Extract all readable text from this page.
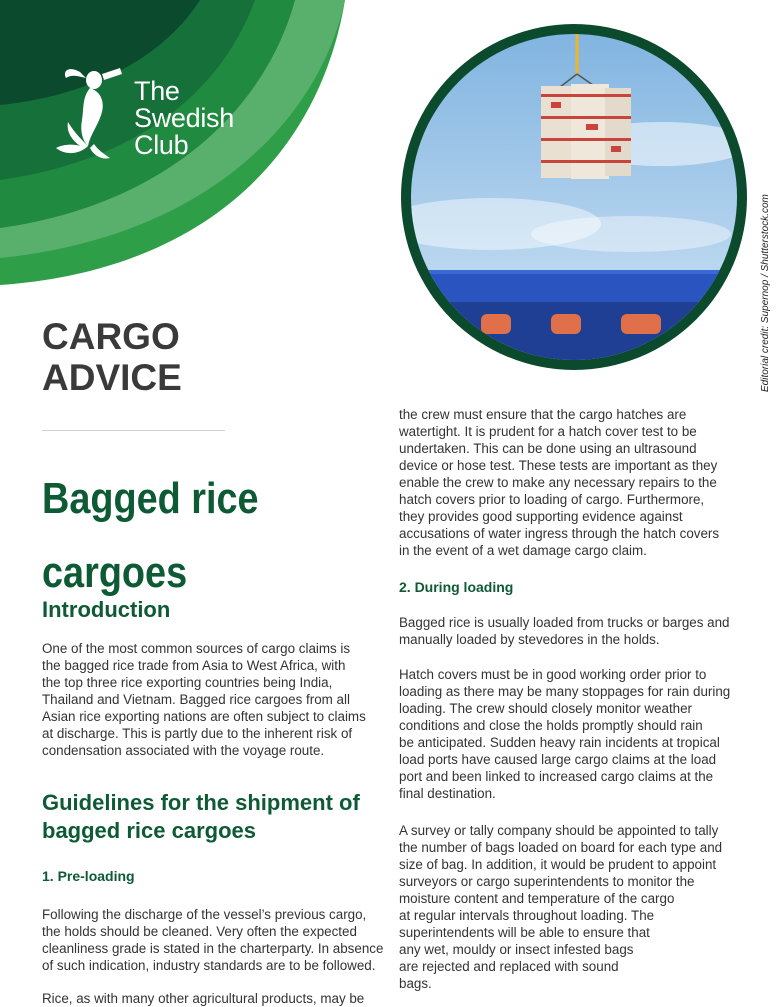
The
Swedish
Club
Editorial credit: Supernop / Shutterstock.com
CARGO
ADVICE
Bagged rice
cargoes
Introduction
One of the most common sources of cargo claims is
the bagged rice trade from Asia to West Africa, with
the top three rice exporting countries being India,
Thailand and Vietnam. Bagged rice cargoes from all
Asian rice exporting nations are often subject to claims
at discharge. This is partly due to the inherent risk of
condensation associated with the voyage route.
Guidelines for the shipment of
bagged rice cargoes
1. Pre-loading
Following the discharge of the vessel’s previous cargo,
the holds should be cleaned. Very often the expected
cleanliness grade is stated in the charterparty. In absence
of such indication, industry standards are to be followed.
Rice, as with many other agricultural products, may be
the crew must ensure that the cargo hatches are
watertight. It is prudent for a hatch cover test to be
undertaken. This can be done using an ultrasound
device or hose test. These tests are important as they
enable the crew to make any necessary repairs to the
hatch covers prior to loading of cargo. Furthermore,
they provides good supporting evidence against
accusations of water ingress through the hatch covers
in the event of a wet damage cargo claim.
2. During loading
Bagged rice is usually loaded from trucks or barges and
manually loaded by stevedores in the holds.
Hatch covers must be in good working order prior to
loading as there may be many stoppages for rain during
loading. The crew should closely monitor weather
conditions and close the holds promptly should rain
be anticipated. Sudden heavy rain incidents at tropical
load ports have caused large cargo claims at the load
port and been linked to increased cargo claims at the
final destination.
A survey or tally company should be appointed to tally
the number of bags loaded on board for each type and
size of bag. In addition, it would be prudent to appoint
surveyors or cargo superintendents to monitor the
moisture content and temperature of the cargo
at regular intervals throughout loading. The
superintendents will be able to ensure that
any wet, mouldy or insect infested bags
are rejected and replaced with sound
bags.
